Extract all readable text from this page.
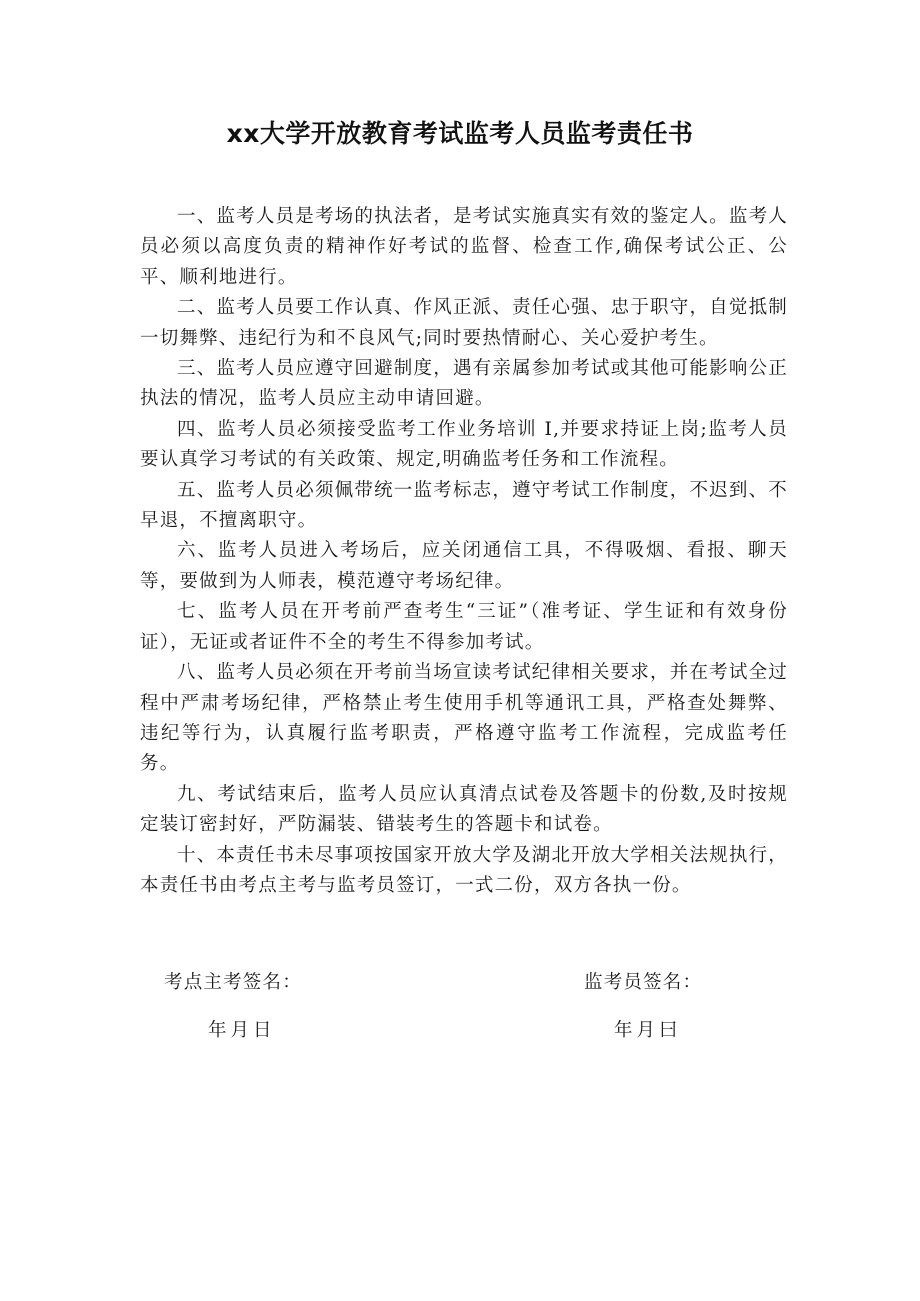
xx大学开放教育考试监考人员监考责任书

一、监考人员是考场的执法者，是考试实施真实有效的鉴定人。监考人员必须以高度负责的精神作好考试的监督、检查工作,确保考试公正、公平、顺利地进行。

二、监考人员要工作认真、作风正派、责任心强、忠于职守，自觉抵制一切舞弊、违纪行为和不良风气;同时要热情耐心、关心爱护考生。

三、监考人员应遵守回避制度，遇有亲属参加考试或其他可能影响公正执法的情况，监考人员应主动申请回避。

四、监考人员必须接受监考工作业务培训 I,并要求持证上岗;监考人员要认真学习考试的有关政策、规定,明确监考任务和工作流程。

五、监考人员必须佩带统一监考标志，遵守考试工作制度，不迟到、不早退，不擅离职守。

六、监考人员进入考场后，应关闭通信工具，不得吸烟、看报、聊天等，要做到为人师表，模范遵守考场纪律。

七、监考人员在开考前严查考生“三证”（准考证、学生证和有效身份证），无证或者证件不全的考生不得参加考试。

八、监考人员必须在开考前当场宣读考试纪律相关要求，并在考试全过程中严肃考场纪律，严格禁止考生使用手机等通讯工具，严格查处舞弊、违纪等行为，认真履行监考职责，严格遵守监考工作流程，完成监考任务。

九、考试结束后，监考人员应认真清点试卷及答题卡的份数,及时按规定装订密封好，严防漏装、错装考生的答题卡和试卷。

十、本责任书未尽事项按国家开放大学及湖北开放大学相关法规执行，本责任书由考点主考与监考员签订，一式二份，双方各执一份。

考点主考签名：	监考员签名：
年月日	年月曰
